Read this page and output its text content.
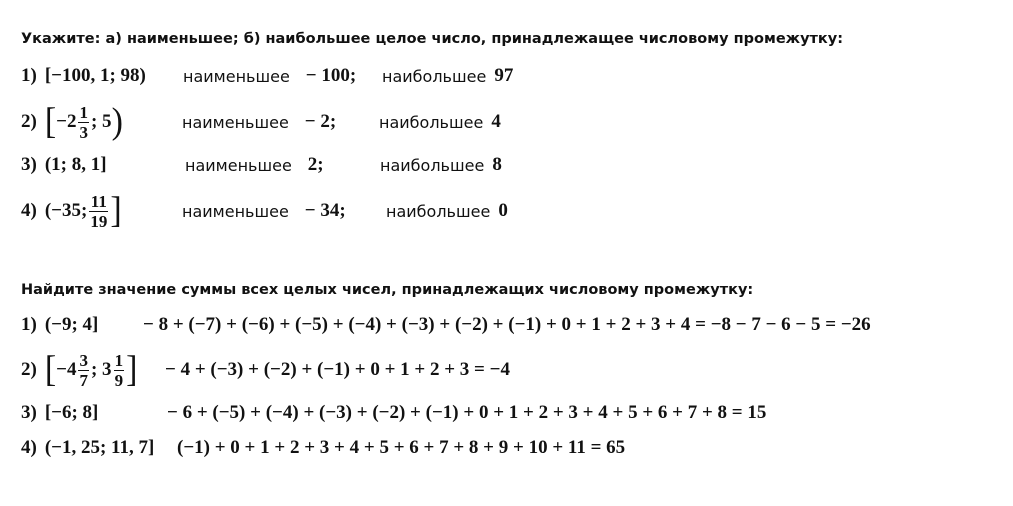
Укажите: а) наименьшее; б) наибольшее целое число, принадлежащее числовому промежутку:
1) [−100, 1; 98) наименьшее − 100; наибольшее 97
2) [ $-2 \frac{1}{3}$ ; 5 )	наименьшее − 2;	наибольшее 4
3) (1; 8, 1]	наименьшее 2;	наибольшее 8
4) (−35; $\frac{11}{19}$ ]	наименьшее − 34;	наибольшее 0
Найдите значение суммы всех целых чисел, принадлежащих числовому промежутку:
1) (−9; 4] − 8 + (−7) + (−6) + (−5) + (−4) + (−3) + (−2) + (−1) + 0 + 1 + 2 + 3 + 4 = −8 − 7 − 6 − 5 = −26
2) [ $-4 \frac{3}{7}$ ; $3 \frac{1}{9}$ ] − 4 + (−3) + (−2) + (−1) + 0 + 1 + 2 + 3 = −4
3) [−6; 8]	− 6 + (−5) + (−4) + (−3) + (−2) + (−1) + 0 + 1 + 2 + 3 + 4 + 5 + 6 + 7 + 8 = 15
4) (−1, 25; 11, 7] (−1) + 0 + 1 + 2 + 3 + 4 + 5 + 6 + 7 + 8 + 9 + 10 + 11 = 65
